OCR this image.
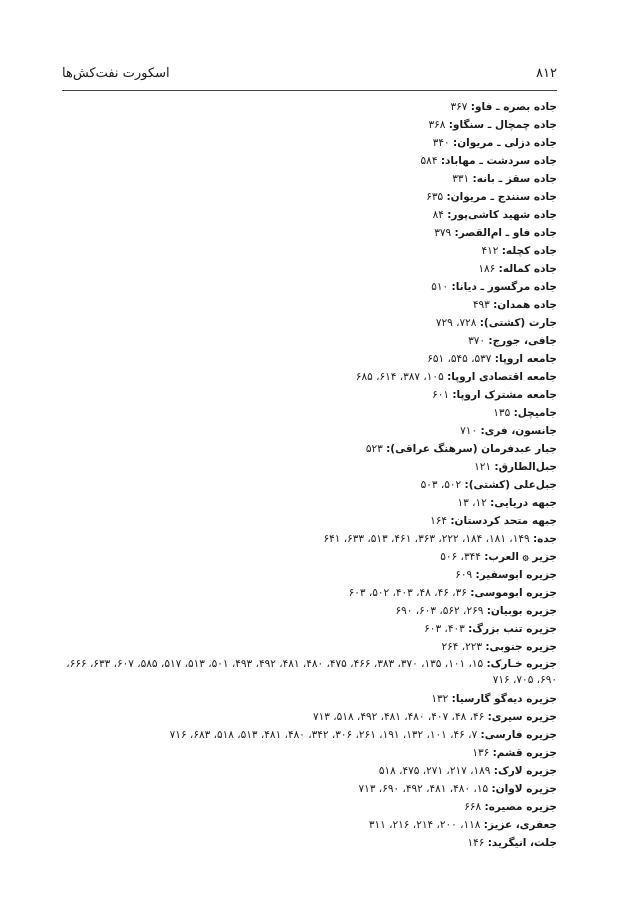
۸۱۲
اسکورت نفت‌کش‌ها
جاده بصره ـ فاو: ۳۶۷
جاده چمچال ـ سنگاو: ۳۶۸
جاده دزلی ـ مریوان: ۳۴۰
جاده سردشت ـ مهاباد: ۵۸۴
جاده سقز ـ بانه: ۳۳۱
جاده سنندج ـ مریوان: ۶۳۵
جاده شهید کاشی‌پور: ۸۴
جاده فاو ـ ام‌القصر: ۳۷۹
جاده کچله: ۴۱۲
جاده کماله: ۱۸۶
جاده مرگسور ـ دیانا: ۵۱۰
جاده همدان: ۴۹۳
جارت (کشتی): ۷۲۸، ۷۲۹
جافی، جورج: ۳۷۰
جامعه اروپا: ۵۳۷، ۵۴۵، ۶۵۱
جامعه اقتصادی اروپا: ۱۰۵، ۳۸۷، ۶۱۴، ۶۸۵
جامعه مشترک اروپا: ۶۰۱
جامیچل: ۱۳۵
جانسون، فری: ۷۱۰
جبار عبدفرمان (سرهنگ عراقی): ۵۲۳
جبل‌الطارق: ۱۲۱
جبل‌علی (کشتی): ۵۰۲، ۵۰۳
جبهه دریایی: ۱۲، ۱۳
جبهه متحد کردستان: ۱۶۴
جده: ۱۴۹، ۱۸۱، ۱۸۴، ۲۲۲، ۳۶۳، ۴۶۱، ۵۱۳، ۶۳۳، ۶۴۱
جزیر ۞ العرب: ۳۴۴، ۵۰۶
جزیره ابوسفیر: ۶۰۹
جزیره ابوموسی: ۳۶، ۴۶، ۴۸، ۴۰۳، ۵۰۲، ۶۰۳
جزیره بوبیان: ۲۶۹، ۵۶۲، ۶۰۳، ۶۹۰
جزیره تنب بزرگ: ۴۰۳، ۶۰۳
جزیره جنوبی: ۲۲۳، ۲۶۴
جزیره خـارک: ۱۵، ۱۰۱، ۱۳۵، ۳۷۰، ۳۸۳، ۴۶۶، ۴۷۵، ۴۸۰، ۴۸۱، ۴۹۲، ۴۹۳، ۵۰۱، ۵۱۳، ۵۱۷، ۵۸۵، ۶۰۷، ۶۳۳، ۶۶۶، ۶۹۰، ۷۰۵، ۷۱۶
جزیره دیه‌گو گارسیا: ۱۳۲
جزیره سیری: ۴۶، ۴۸، ۴۰۷، ۴۸۰، ۴۸۱، ۴۹۲، ۵۱۸، ۷۱۳
جزیره فارسی: ۷، ۴۶، ۱۰۱، ۱۳۲، ۱۹۱، ۲۶۱، ۳۰۶، ۳۴۲، ۴۸۰، ۴۸۱، ۵۱۳، ۵۱۸، ۶۸۳، ۷۱۶
جزیره قشم: ۱۳۶
جزیره لارک: ۱۸۹، ۲۱۷، ۲۷۱، ۴۷۵، ۵۱۸
جزیره لاوان: ۱۵، ۴۸۰، ۴۸۱، ۴۹۲، ۶۹۰، ۷۱۳
جزیره مصیره: ۶۶۸
جعفری، عزیز: ۱۱۸، ۲۰۰، ۲۱۴، ۲۱۶، ۳۱۱
جلت، انیگرید: ۱۴۶
